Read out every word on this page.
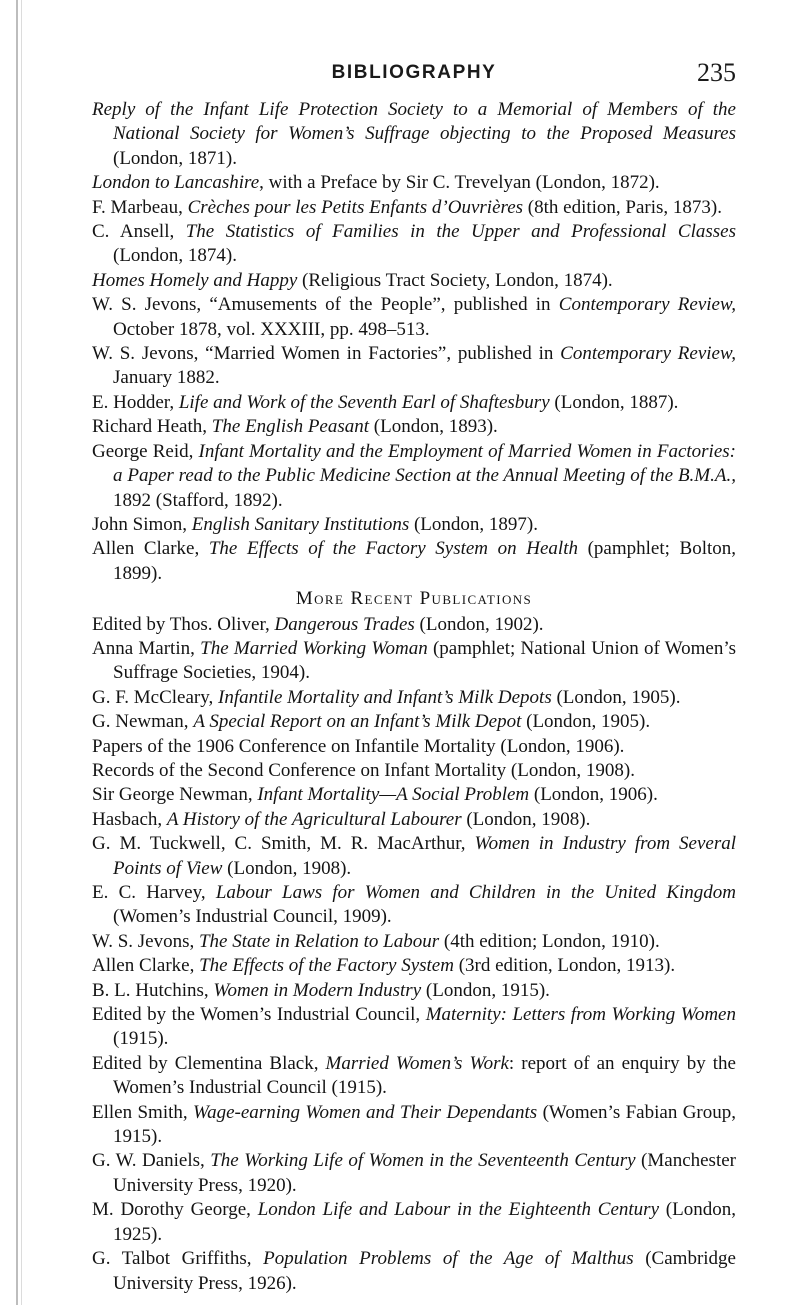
BIBLIOGRAPHY	235
Reply of the Infant Life Protection Society to a Memorial of Members of the National Society for Women’s Suffrage objecting to the Proposed Measures (London, 1871).
London to Lancashire, with a Preface by Sir C. Trevelyan (London, 1872).
F. Marbeau, Crèches pour les Petits Enfants d’Ouvrières (8th edition, Paris, 1873).
C. Ansell, The Statistics of Families in the Upper and Professional Classes (London, 1874).
Homes Homely and Happy (Religious Tract Society, London, 1874).
W. S. Jevons, “Amusements of the People”, published in Contemporary Review, October 1878, vol. XXXIII, pp. 498–513.
W. S. Jevons, “Married Women in Factories”, published in Contemporary Review, January 1882.
E. Hodder, Life and Work of the Seventh Earl of Shaftesbury (London, 1887).
Richard Heath, The English Peasant (London, 1893).
George Reid, Infant Mortality and the Employment of Married Women in Factories: a Paper read to the Public Medicine Section at the Annual Meeting of the B.M.A., 1892 (Stafford, 1892).
John Simon, English Sanitary Institutions (London, 1897).
Allen Clarke, The Effects of the Factory System on Health (pamphlet; Bolton, 1899).
More Recent Publications
Edited by Thos. Oliver, Dangerous Trades (London, 1902).
Anna Martin, The Married Working Woman (pamphlet; National Union of Women’s Suffrage Societies, 1904).
G. F. McCleary, Infantile Mortality and Infant’s Milk Depots (London, 1905).
G. Newman, A Special Report on an Infant’s Milk Depot (London, 1905).
Papers of the 1906 Conference on Infantile Mortality (London, 1906).
Records of the Second Conference on Infant Mortality (London, 1908).
Sir George Newman, Infant Mortality—A Social Problem (London, 1906).
Hasbach, A History of the Agricultural Labourer (London, 1908).
G. M. Tuckwell, C. Smith, M. R. MacArthur, Women in Industry from Several Points of View (London, 1908).
E. C. Harvey, Labour Laws for Women and Children in the United Kingdom (Women’s Industrial Council, 1909).
W. S. Jevons, The State in Relation to Labour (4th edition; London, 1910).
Allen Clarke, The Effects of the Factory System (3rd edition, London, 1913).
B. L. Hutchins, Women in Modern Industry (London, 1915).
Edited by the Women’s Industrial Council, Maternity: Letters from Working Women (1915).
Edited by Clementina Black, Married Women’s Work: report of an enquiry by the Women’s Industrial Council (1915).
Ellen Smith, Wage-earning Women and Their Dependants (Women’s Fabian Group, 1915).
G. W. Daniels, The Working Life of Women in the Seventeenth Century (Manchester University Press, 1920).
M. Dorothy George, London Life and Labour in the Eighteenth Century (London, 1925).
G. Talbot Griffiths, Population Problems of the Age of Malthus (Cambridge University Press, 1926).
